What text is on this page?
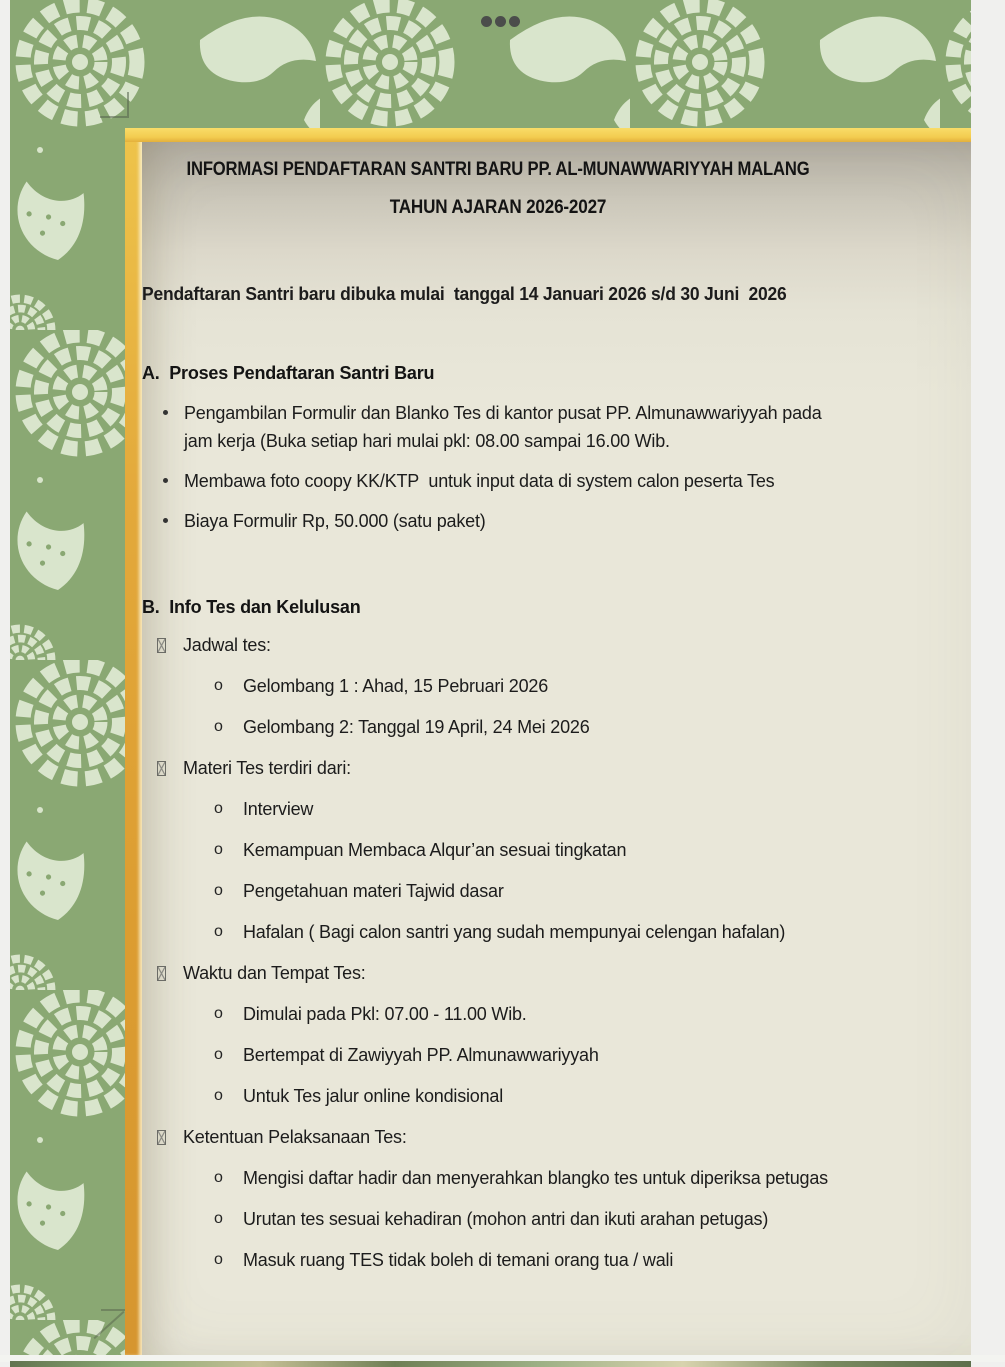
INFORMASI PENDAFTARAN SANTRI BARU PP. AL-MUNAWWARIYYAH MALANG
TAHUN AJARAN 2026-2027
Pendaftaran Santri baru dibuka mulai  tanggal 14 Januari 2026 s/d 30 Juni  2026
A.  Proses Pendaftaran Santri Baru
Pengambilan Formulir dan Blanko Tes di kantor pusat PP. Almunawwariyyah pada jam kerja (Buka setiap hari mulai pkl: 08.00 sampai 16.00 Wib.
Membawa foto coopy KK/KTP  untuk input data di system calon peserta Tes
Biaya Formulir Rp, 50.000 (satu paket)
B.  Info Tes dan Kelulusan
Jadwal tes:
o Gelombang 1 : Ahad, 15 Pebruari 2026
o Gelombang 2: Tanggal 19 April, 24 Mei 2026
Materi Tes terdiri dari:
o Interview
o Kemampuan Membaca Alqur’an sesuai tingkatan
o Pengetahuan materi Tajwid dasar
o Hafalan ( Bagi calon santri yang sudah mempunyai celengan hafalan)
Waktu dan Tempat Tes:
o Dimulai pada Pkl: 07.00 - 11.00 Wib.
o Bertempat di Zawiyyah PP. Almunawwariyyah
o Untuk Tes jalur online kondisional
Ketentuan Pelaksanaan Tes:
o Mengisi daftar hadir dan menyerahkan blangko tes untuk diperiksa petugas
o Urutan tes sesuai kehadiran (mohon antri dan ikuti arahan petugas)
o Masuk ruang TES tidak boleh di temani orang tua / wali
